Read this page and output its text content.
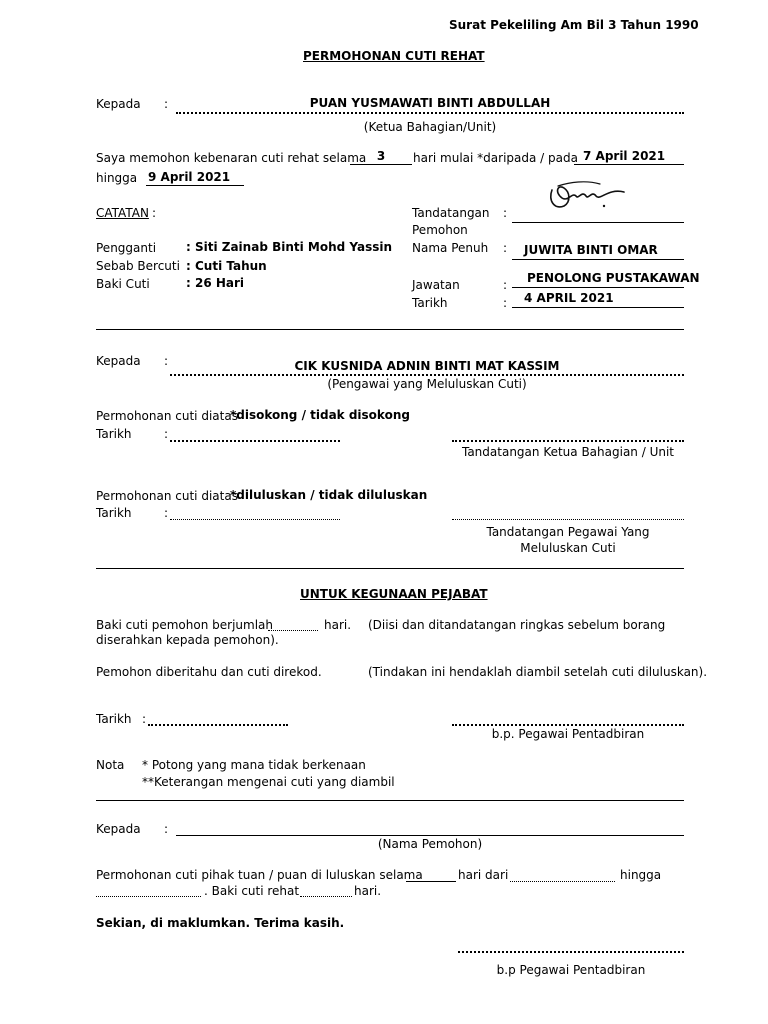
Surat Pekeliling Am Bil 3 Tahun 1990
PERMOHONAN CUTI REHAT
Kepada :	PUAN YUSMAWATI BINTI ABDULLAH
(Ketua Bahagian/Unit)
Saya memohon kebenaran cuti rehat selama 3	hari mulai *daripada / pada 7 April 2021
hingga 9 April 2021
CATATAN :
Pengganti : Siti Zainab Binti Mohd Yassin
Sebab Bercuti : Cuti Tahun
Baki Cuti	: 26 Hari
Tandatangan
Pemohon
:
Nama Penuh : JUWITA BINTI OMAR
Jawatan	: PENOLONG PUSTAKAWAN
Tarikh	: 4 APRIL 2021
Kepada :	CIK KUSNIDA ADNIN BINTI MAT KASSIM
(Pengawai yang Meluluskan Cuti)
Permohonan cuti diatas
*disokong / tidak disokong
Tarikh	:
Tandatangan Ketua Bahagian / Unit
Permohonan cuti diatas
*diluluskan / tidak diluluskan
Tarikh	:
Tandatangan Pegawai Yang
Meluluskan Cuti
UNTUK KEGUNAAN PEJABAT
Baki cuti pemohon berjumlah	hari. (Diisi dan ditandatangan ringkas sebelum borang
diserahkan kepada pemohon).
Pemohon diberitahu dan cuti direkod.	(Tindakan ini hendaklah diambil setelah cuti diluluskan).
Tarikh :
b.p. Pegawai Pentadbiran
Nota * Potong yang mana tidak berkenaan
**Keterangan mengenai cuti yang diambil
Kepada :
(Nama Pemohon)
Permohonan cuti pihak tuan / puan di luluskan selama	hari dari	hingga
. Baki cuti rehat	hari.
Sekian, di maklumkan. Terima kasih.
b.p Pegawai Pentadbiran
